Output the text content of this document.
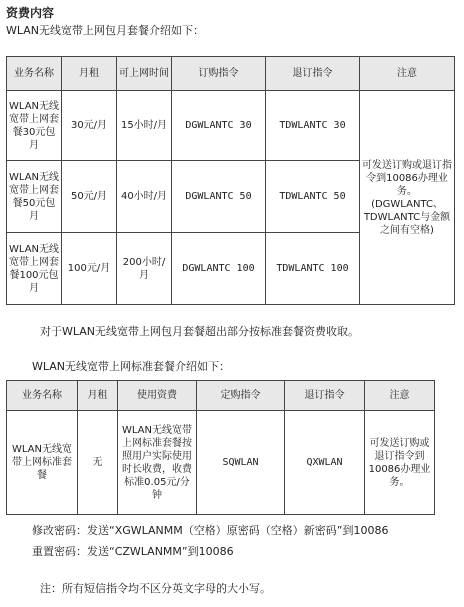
资费内容
WLAN无线宽带上网包月套餐介绍如下：
业务名称	月租	可上网时间	订购指令	退订指令	注意
WLAN无线宽带上网套餐30元包月	30元/月	15小时/月	DGWLANTC 30	TDWLANTC 30	可发送订购或退订指令到10086办理业务。(DGWLANTC、TDWLANTC与金额之间有空格)
WLAN无线宽带上网套餐50元包月	50元/月	40小时/月	DGWLANTC 50	TDWLANTC 50	
WLAN无线宽带上网套餐100元包月	100元/月	200小时/月	DGWLANTC 100	TDWLANTC 100	
对于WLAN无线宽带上网包月套餐超出部分按标准套餐资费收取。
WLAN无线宽带上网标准套餐介绍如下：
业务名称	月租	使用资费	定购指令	退订指令	注意
WLAN无线宽带上网标准套餐	无	WLAN无线宽带上网标准套餐按照用户实际使用时长收费，收费标准0.05元/分钟	SQWLAN	QXWLAN	可发送订购或退订指令到10086办理业务。
修改密码：发送“XGWLANMM（空格）原密码（空格）新密码”到10086
重置密码：发送“CZWLANMM”到10086
注：所有短信指令均不区分英文字母的大小写。
